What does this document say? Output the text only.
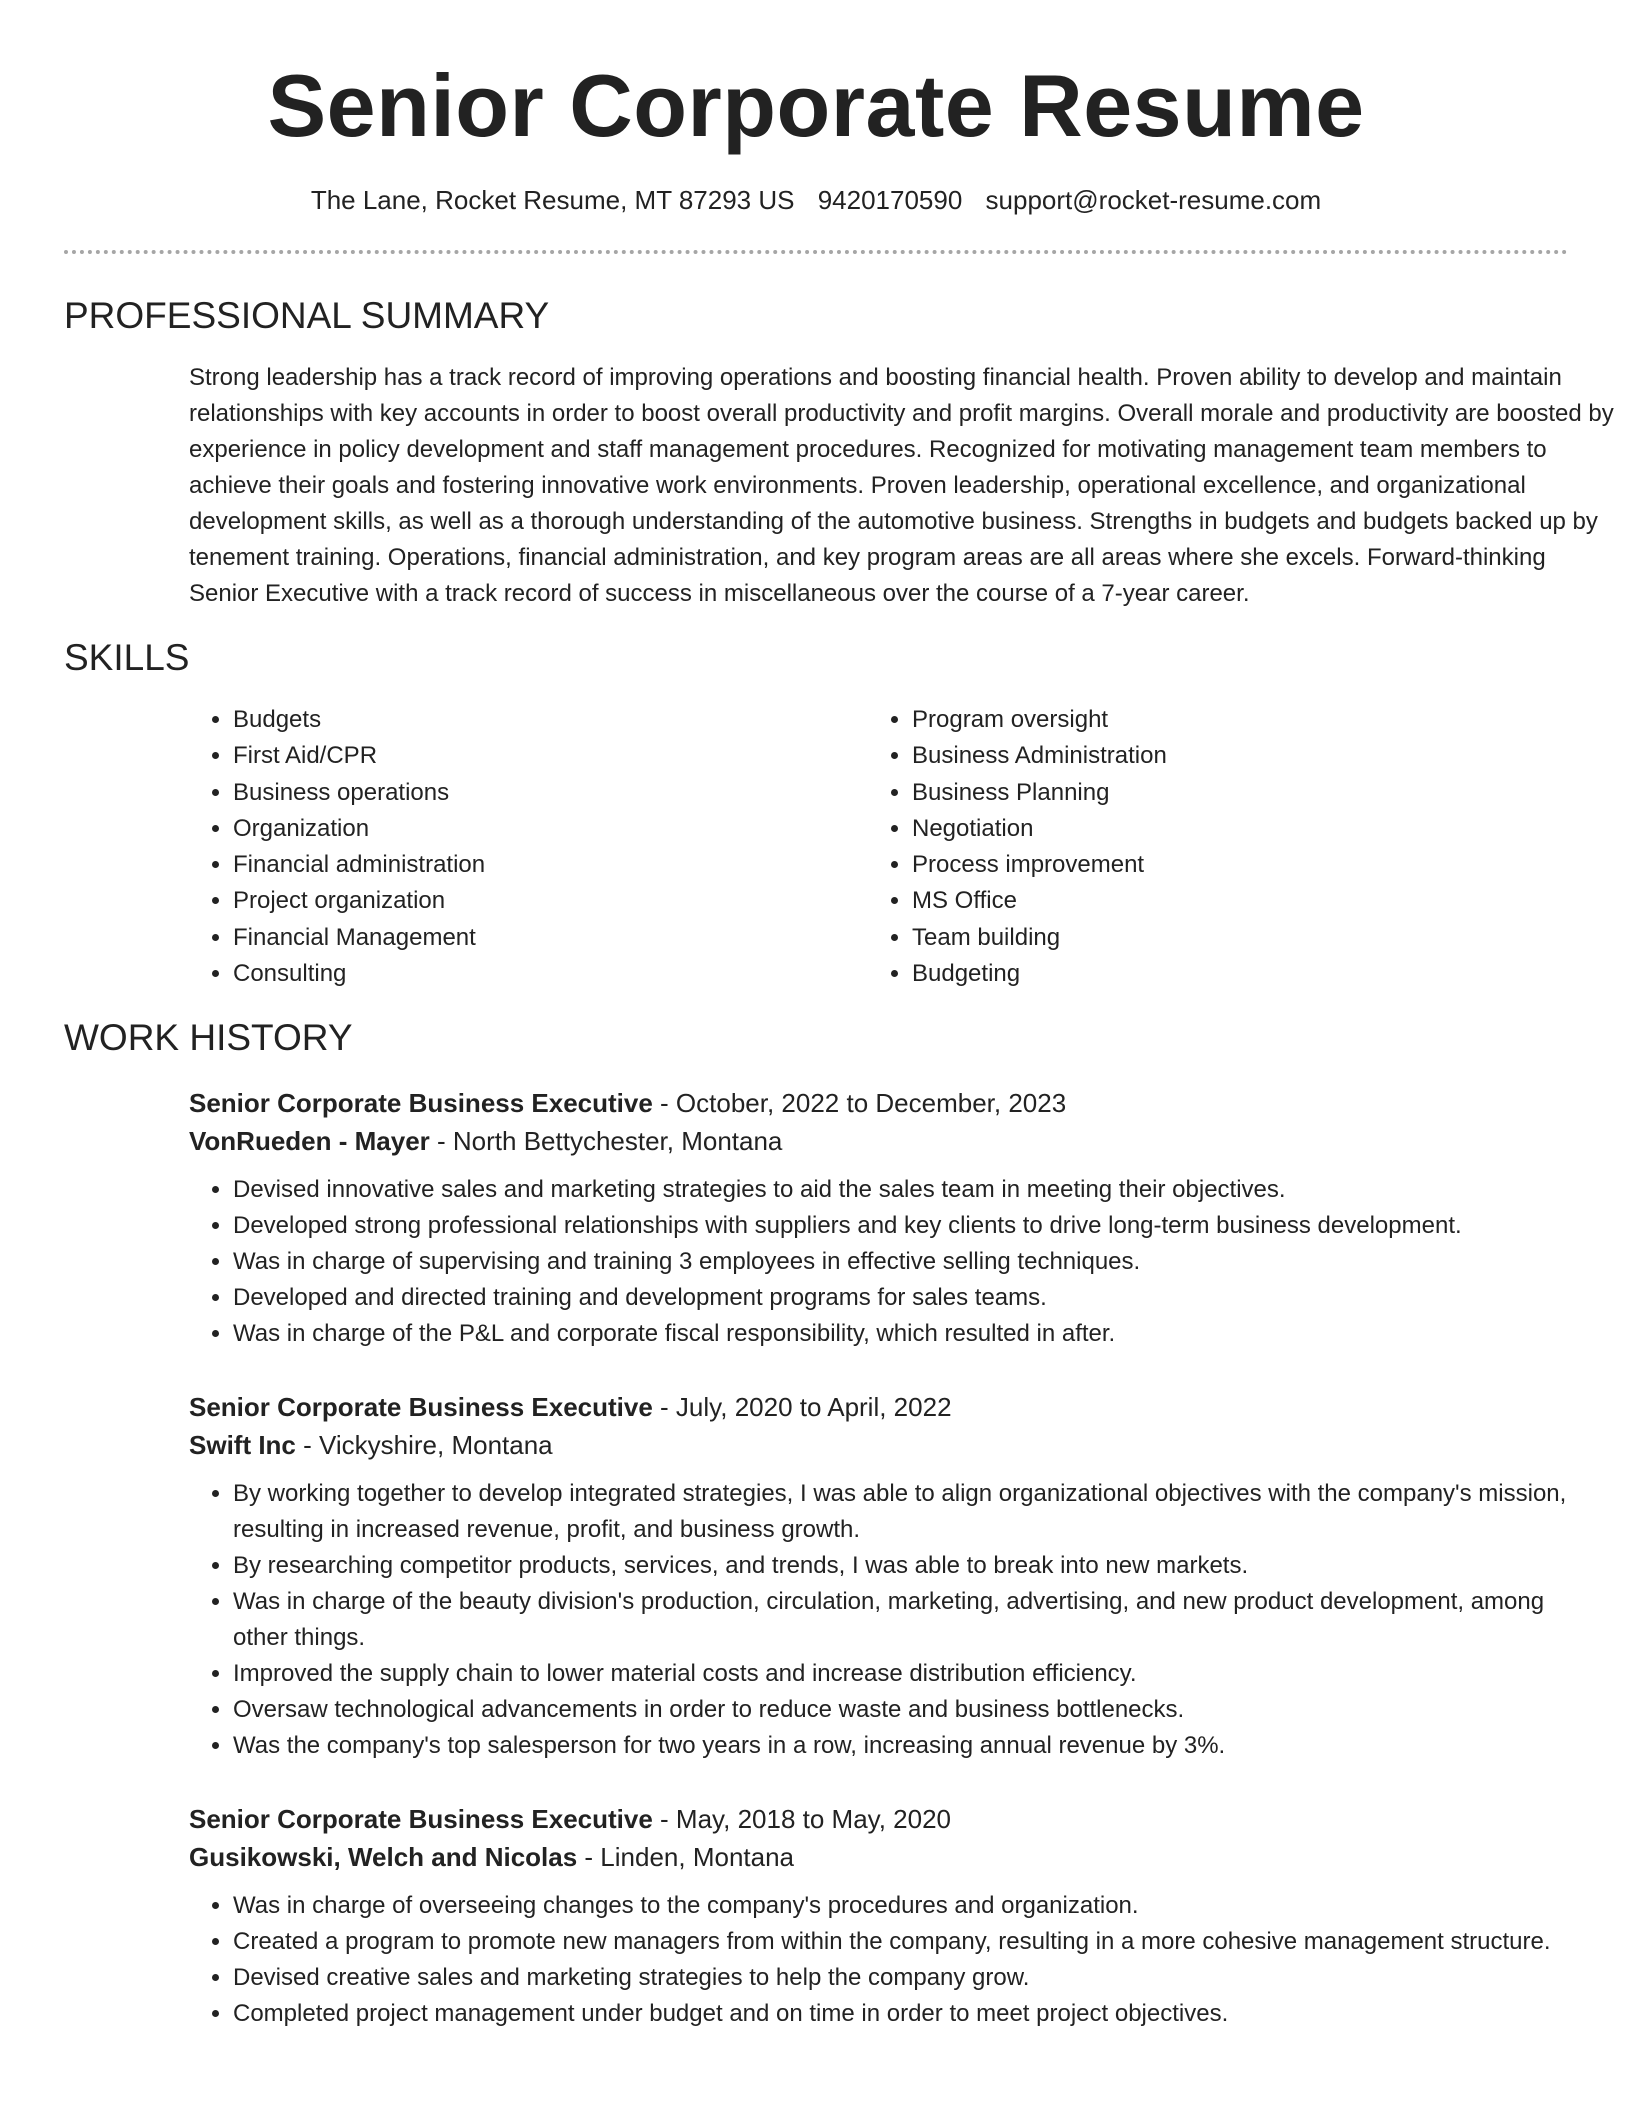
Senior Corporate Resume
The Lane, Rocket Resume, MT 87293 US 9420170590 support@rocket-resume.com
PROFESSIONAL SUMMARY

Strong leadership has a track record of improving operations and boosting financial health. Proven ability to develop and maintain relationships with key accounts in order to boost overall productivity and profit margins. Overall morale and productivity are boosted by experience in policy development and staff management procedures. Recognized for motivating management team members to achieve their goals and fostering innovative work environments. Proven leadership, operational excellence, and organizational development skills, as well as a thorough understanding of the automotive business. Strengths in budgets and budgets backed up by tenement training. Operations, financial administration, and key program areas are all areas where she excels. Forward-thinking Senior Executive with a track record of success in miscellaneous over the course of a 7-year career.

SKILLS
• Budgets
• First Aid/CPR
• Business operations
• Organization
• Financial administration
• Project organization
• Financial Management
• Consulting
• Program oversight
• Business Administration
• Business Planning
• Negotiation
• Process improvement
• MS Office
• Team building
• Budgeting
WORK HISTORY
Senior Corporate Business Executive - October, 2022 to December, 2023
VonRueden - Mayer - North Bettychester, Montana
• Devised innovative sales and marketing strategies to aid the sales team in meeting their objectives.
• Developed strong professional relationships with suppliers and key clients to drive long-term business development.
• Was in charge of supervising and training 3 employees in effective selling techniques.
• Developed and directed training and development programs for sales teams.
• Was in charge of the P&L and corporate fiscal responsibility, which resulted in after.
Senior Corporate Business Executive - July, 2020 to April, 2022
Swift Inc - Vickyshire, Montana
• By working together to develop integrated strategies, I was able to align organizational objectives with the company's mission, resulting in increased revenue, profit, and business growth.
• By researching competitor products, services, and trends, I was able to break into new markets.
• Was in charge of the beauty division's production, circulation, marketing, advertising, and new product development, among other things.
• Improved the supply chain to lower material costs and increase distribution efficiency.
• Oversaw technological advancements in order to reduce waste and business bottlenecks.
• Was the company's top salesperson for two years in a row, increasing annual revenue by 3%.
Senior Corporate Business Executive - May, 2018 to May, 2020
Gusikowski, Welch and Nicolas - Linden, Montana
• Was in charge of overseeing changes to the company's procedures and organization.
• Created a program to promote new managers from within the company, resulting in a more cohesive management structure.
• Devised creative sales and marketing strategies to help the company grow.
• Completed project management under budget and on time in order to meet project objectives.
